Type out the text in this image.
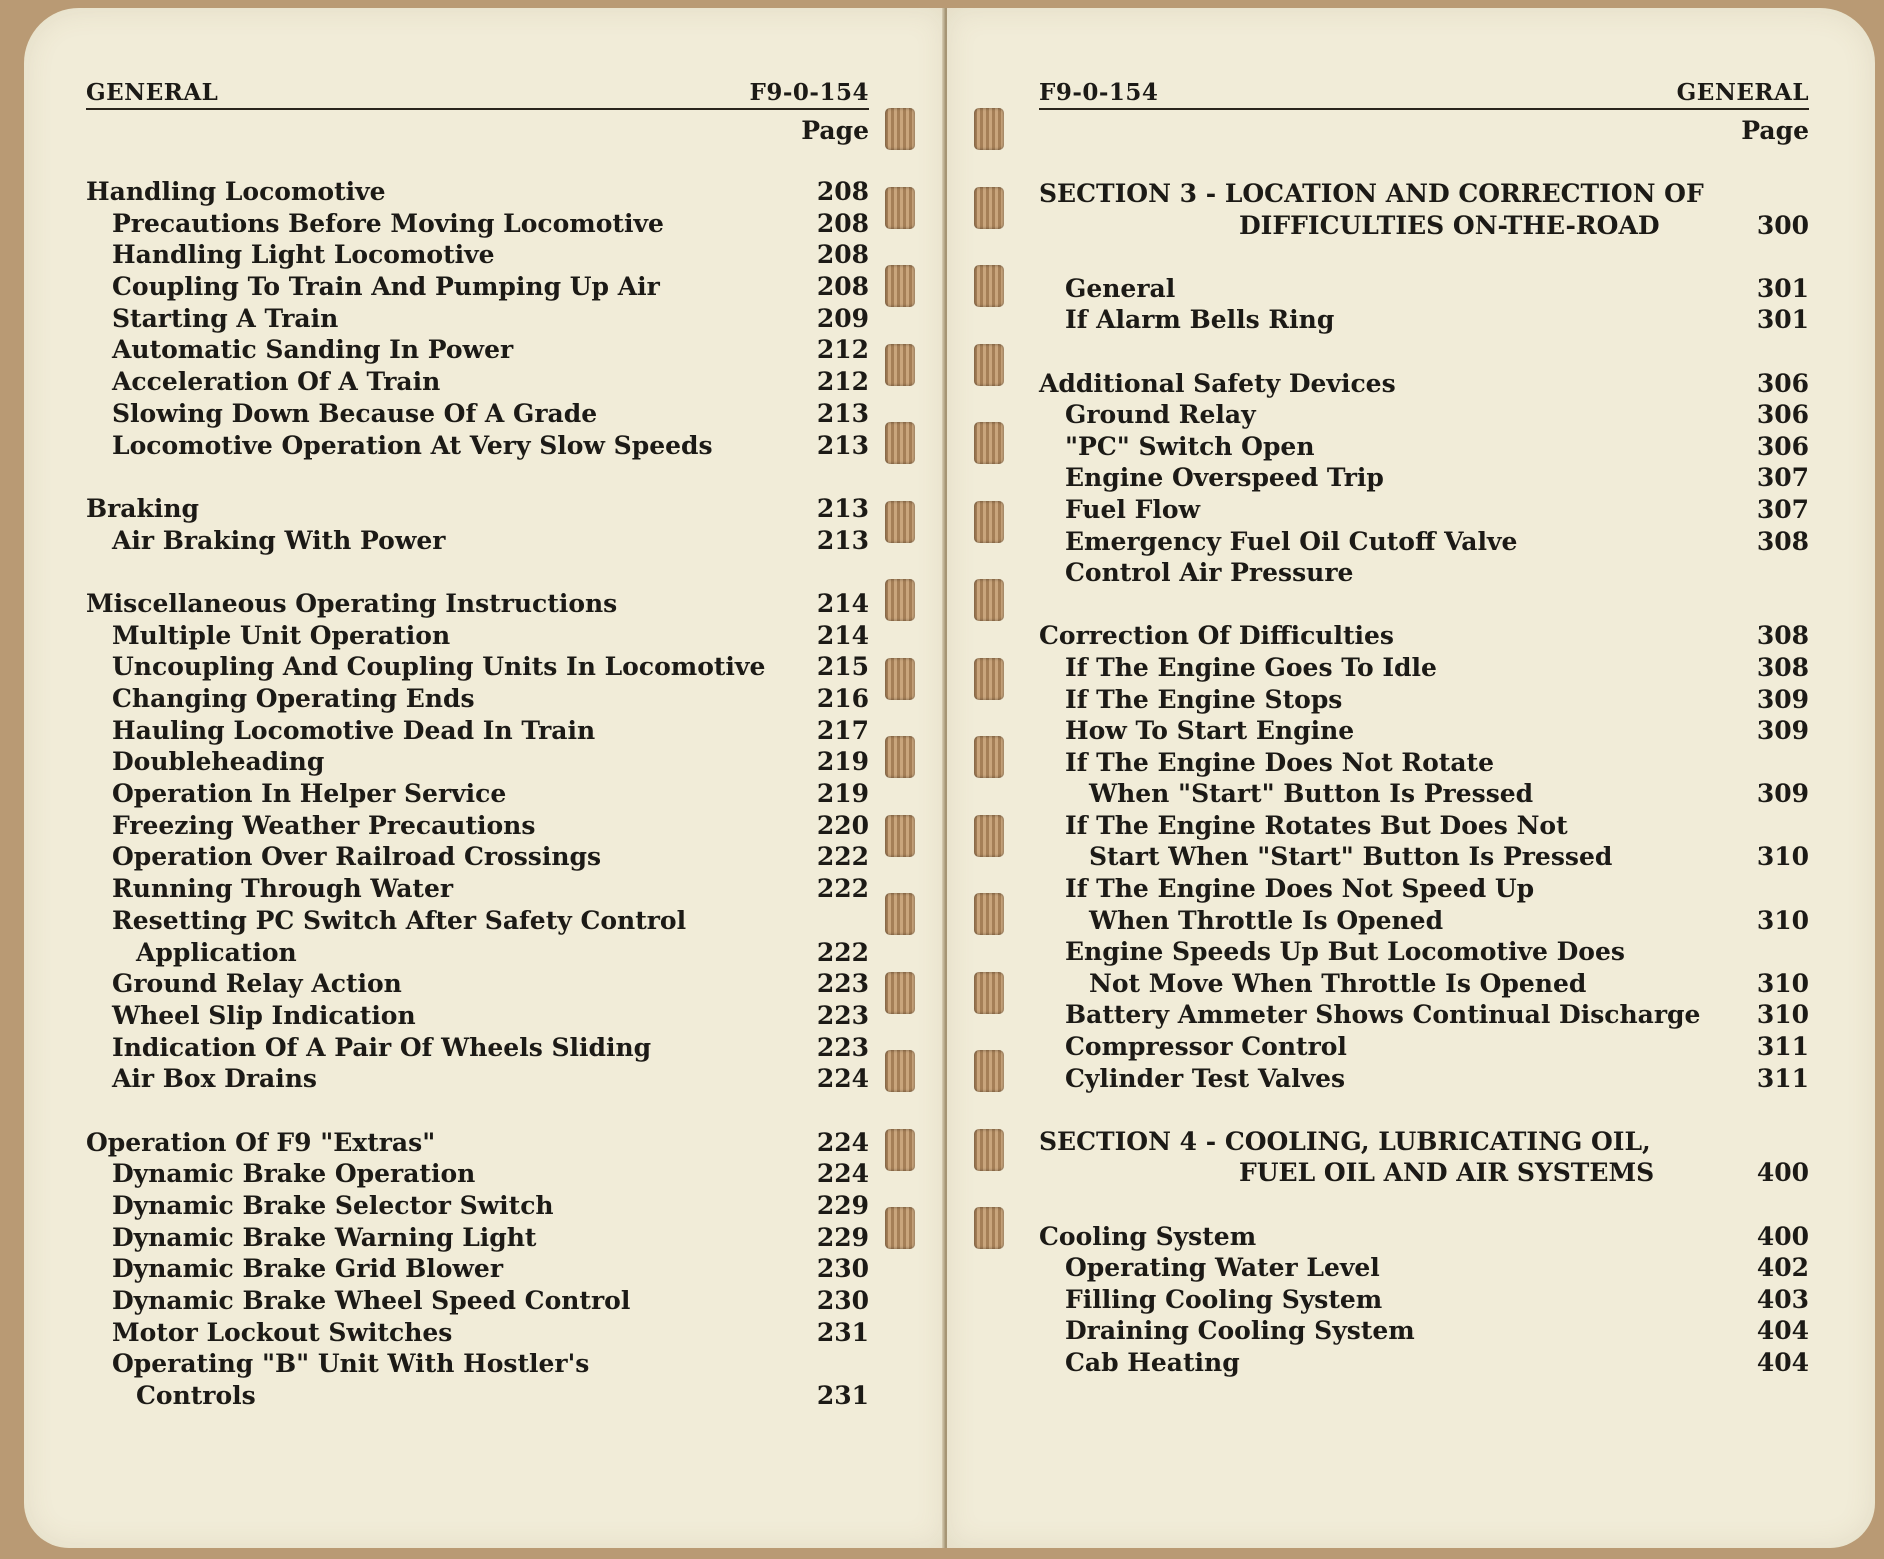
GENERAL	F9-0-154
Page
Handling Locomotive	208
Precautions Before Moving Locomotive	208
Handling Light Locomotive	208
Coupling To Train And Pumping Up Air	208
Starting A Train	209
Automatic Sanding In Power	212
Acceleration Of A Train	212
Slowing Down Because Of A Grade	213
Locomotive Operation At Very Slow Speeds	213
Braking	213
Air Braking With Power	213
Miscellaneous Operating Instructions	214
Multiple Unit Operation	214
Uncoupling And Coupling Units In Locomotive 215
Changing Operating Ends	216
Hauling Locomotive Dead In Train	217
Doubleheading	219
Operation In Helper Service	219
Freezing Weather Precautions	220
Operation Over Railroad Crossings	222
Running Through Water	222
Resetting PC Switch After Safety Control
Application	222
Ground Relay Action	223
Wheel Slip Indication	223
Indication Of A Pair Of Wheels Sliding	223
Air Box Drains	224
Operation Of F9 "Extras"	224
Dynamic Brake Operation	224
Dynamic Brake Selector Switch	229
Dynamic Brake Warning Light	229
Dynamic Brake Grid Blower	230
Dynamic Brake Wheel Speed Control	230
Motor Lockout Switches	231
Operating "B" Unit With Hostler's
Controls	231
F9-0-154	GENERAL
Page
SECTION 3 - LOCATION AND CORRECTION OF
DIFFICULTIES ON-THE-ROAD	300
General	301
If Alarm Bells Ring	301
Additional Safety Devices	306
Ground Relay	306
"PC" Switch Open	306
Engine Overspeed Trip	307
Fuel Flow	307
Emergency Fuel Oil Cutoff Valve	308
Control Air Pressure
Correction Of Difficulties	308
If The Engine Goes To Idle	308
If The Engine Stops	309
How To Start Engine	309
If The Engine Does Not Rotate
When "Start" Button Is Pressed	309
If The Engine Rotates But Does Not
Start When "Start" Button Is Pressed	310
If The Engine Does Not Speed Up
When Throttle Is Opened	310
Engine Speeds Up But Locomotive Does
Not Move When Throttle Is Opened	310
Battery Ammeter Shows Continual Discharge 310
Compressor Control	311
Cylinder Test Valves	311
SECTION 4 - COOLING, LUBRICATING OIL,
FUEL OIL AND AIR SYSTEMS	400
Cooling System	400
Operating Water Level	402
Filling Cooling System	403
Draining Cooling System	404
Cab Heating	404
